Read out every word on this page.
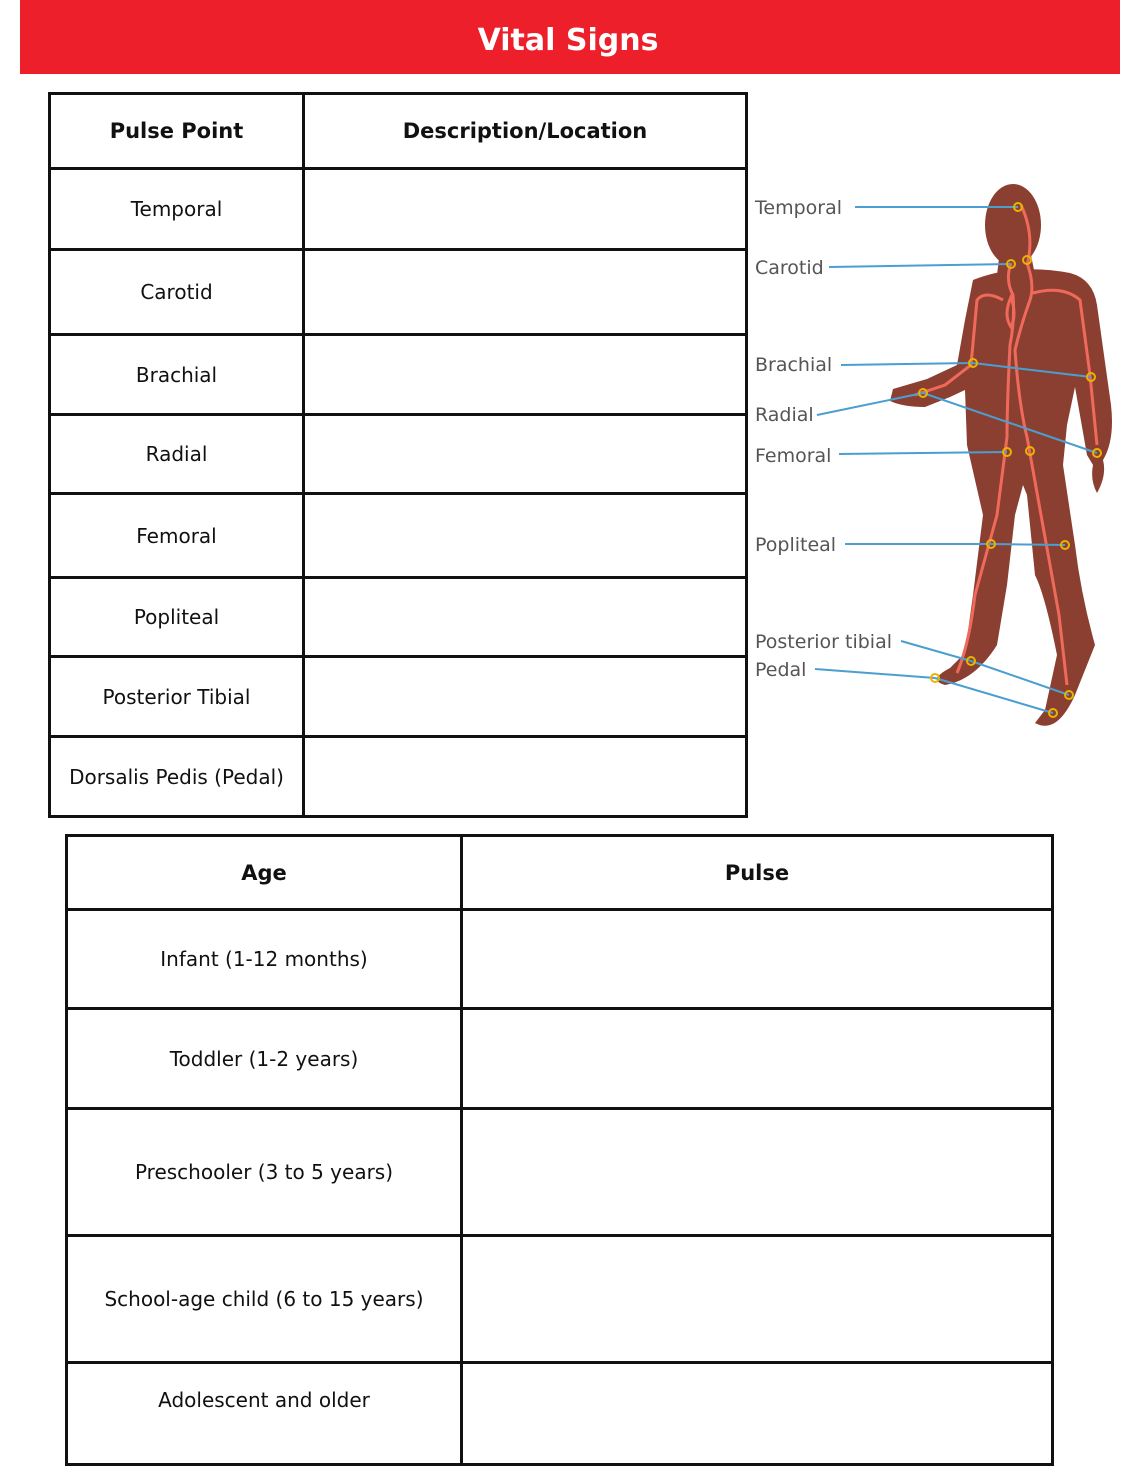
Vital Signs
Pulse Point	Description/Location
Temporal	
Carotid	
Brachial	
Radial	
Femoral	
Popliteal	
Posterior Tibial	
Dorsalis Pedis (Pedal)	
Temporal
Carotid
Brachial
Radial
Femoral
Popliteal
Posterior tibial
Pedal
Age	Pulse
Infant (1-12 months)	
Toddler (1-2 years)	
Preschooler (3 to 5 years)	
School-age child (6 to 15 years)	
Adolescent and older	
